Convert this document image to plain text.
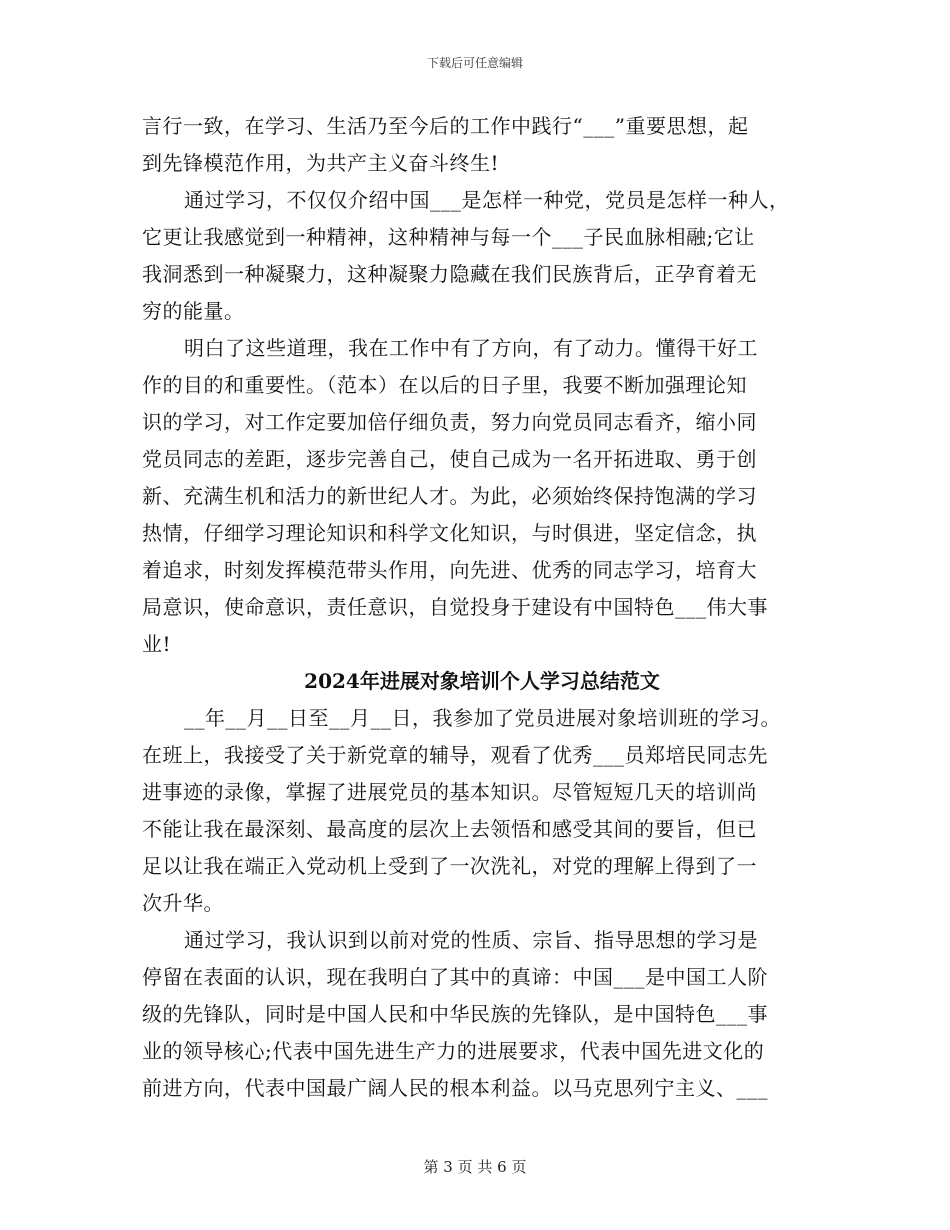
下载后可任意编辑
言行一致，在学习、生活乃至今后的工作中践行“___”重要思想，起
到先锋模范作用，为共产主义奋斗终生!
通过学习，不仅仅介绍中国___是怎样一种党，党员是怎样一种人，
它更让我感觉到一种精神，这种精神与每一个___子民血脉相融;它让
我洞悉到一种凝聚力，这种凝聚力隐藏在我们民族背后，正孕育着无
穷的能量。
明白了这些道理，我在工作中有了方向，有了动力。懂得干好工
作的目的和重要性。（范本）在以后的日子里，我要不断加强理论知
识的学习，对工作定要加倍仔细负责，努力向党员同志看齐，缩小同
党员同志的差距，逐步完善自己，使自己成为一名开拓进取、勇于创
新、充满生机和活力的新世纪人才。为此，必须始终保持饱满的学习
热情，仔细学习理论知识和科学文化知识，与时俱进，坚定信念，执
着追求，时刻发挥模范带头作用，向先进、优秀的同志学习，培育大
局意识，使命意识，责任意识，自觉投身于建设有中国特色___伟大事
业!
2024年进展对象培训个人学习总结范文
__年__月__日至__月__日，我参加了党员进展对象培训班的学习。
在班上，我接受了关于新党章的辅导，观看了优秀___员郑培民同志先
进事迹的录像，掌握了进展党员的基本知识。尽管短短几天的培训尚
不能让我在最深刻、最高度的层次上去领悟和感受其间的要旨，但已
足以让我在端正入党动机上受到了一次洗礼，对党的理解上得到了一
次升华。
通过学习，我认识到以前对党的性质、宗旨、指导思想的学习是
停留在表面的认识，现在我明白了其中的真谛：中国___是中国工人阶
级的先锋队，同时是中国人民和中华民族的先锋队，是中国特色___事
业的领导核心;代表中国先进生产力的进展要求，代表中国先进文化的
前进方向，代表中国最广阔人民的根本利益。以马克思列宁主义、___
第 3 页 共 6 页
